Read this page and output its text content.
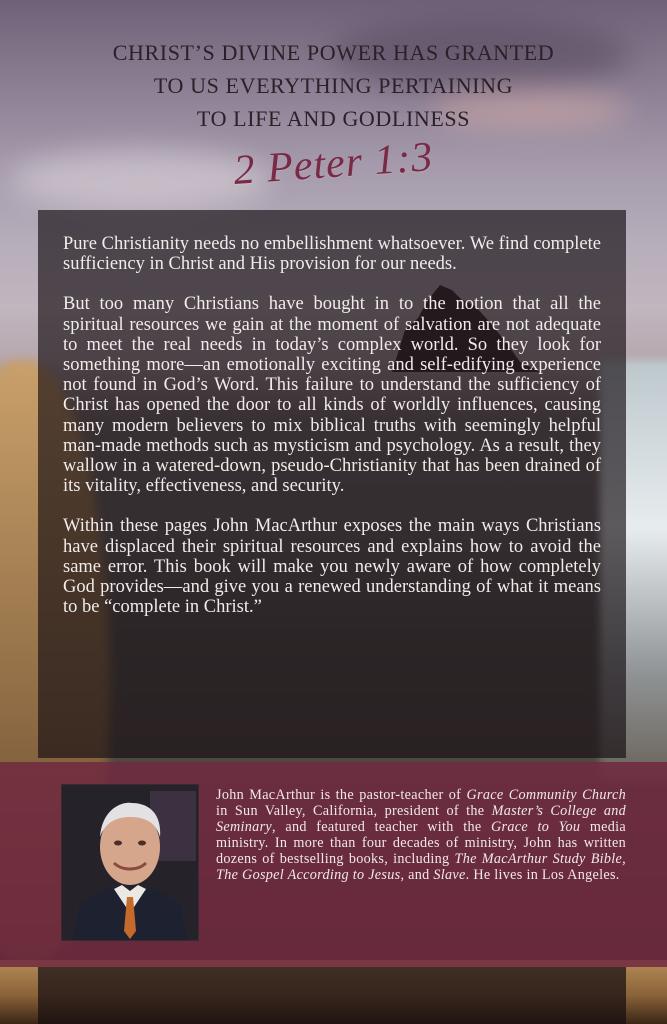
CHRIST’S DIVINE POWER HAS GRANTED
TO US EVERYTHING PERTAINING
TO LIFE AND GODLINESS
2 Peter 1:3

Pure Christianity needs no embellishment whatsoever. We find complete sufficiency in Christ and His provision for our needs.

But too many Christians have bought in to the notion that all the spiritual resources we gain at the moment of salvation are not adequate to meet the real needs in today’s complex world. So they look for something more—an emotionally exciting and self-edifying experience not found in God’s Word. This failure to understand the sufficiency of Christ has opened the door to all kinds of worldly influences, causing many modern believers to mix biblical truths with seemingly helpful man-made methods such as mysticism and psychology. As a result, they wallow in a watered-down, pseudo-Christianity that has been drained of its vitality, effectiveness, and security.

Within these pages John MacArthur exposes the main ways Christians have displaced their spiritual resources and explains how to avoid the same error. This book will make you newly aware of how completely God provides—and give you a renewed understanding of what it means to be “complete in Christ.”

John MacArthur is the pastor-teacher of Grace Community Church in Sun Valley, California, president of the Master’s College and Seminary, and featured teacher with the Grace to You media ministry. In more than four decades of ministry, John has written dozens of bestselling books, including The MacArthur Study Bible, The Gospel According to Jesus, and Slave. He lives in Los Angeles.
